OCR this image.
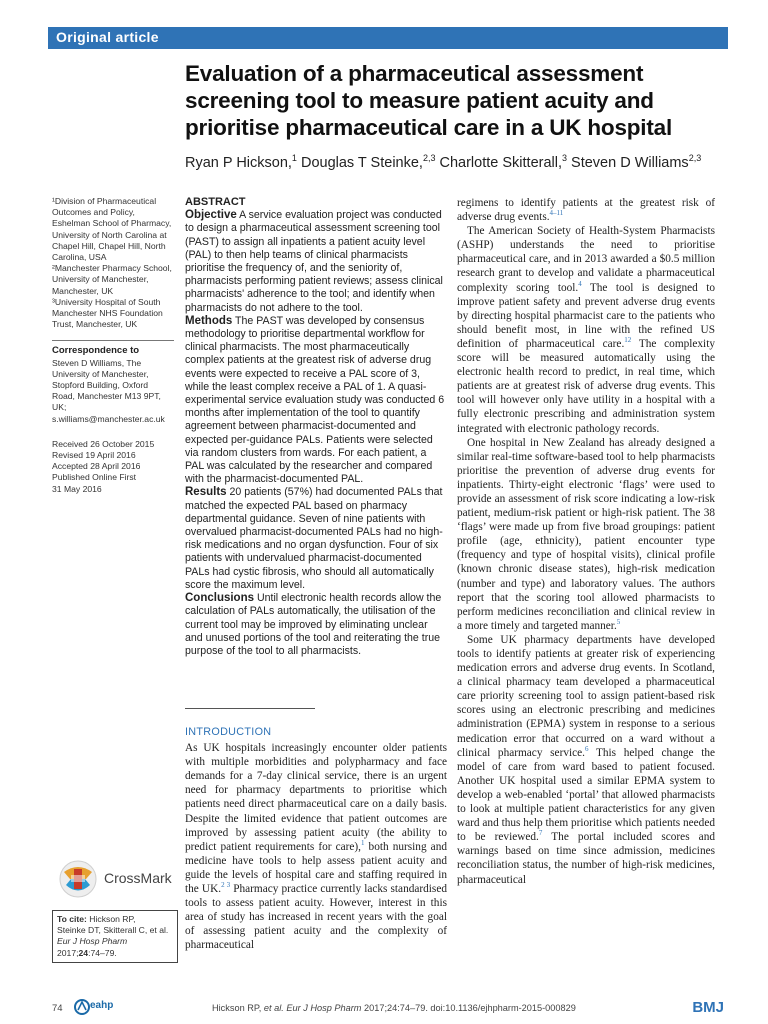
Original article
Evaluation of a pharmaceutical assessment screening tool to measure patient acuity and prioritise pharmaceutical care in a UK hospital
Ryan P Hickson,$^1$ Douglas T Steinke,$^{2,3}$ Charlotte Skitterall,$^3$ Steven D Williams$^{2,3}$

¹Division of Pharmaceutical
Outcomes and Policy,
Eshelman School of Pharmacy,
University of North Carolina at
Chapel Hill, Chapel Hill, North
Carolina, USA
²Manchester Pharmacy School,
University of Manchester,
Manchester, UK
³University Hospital of South
Manchester NHS Foundation
Trust, Manchester, UK

Correspondence to

Steven D Williams, The
University of Manchester,
Stopford Building, Oxford
Road, Manchester M13 9PT,
UK;
s.williams@manchester.ac.uk

Received 26 October 2015
Revised 19 April 2016
Accepted 28 April 2016
Published Online First
31 May 2016

CrossMark
To cite: Hickson RP,
Steinke DT, Skitterall C, et al.
Eur J Hosp Pharm
2017;24:74–79.
ABSTRACT

Objective A service evaluation project was conducted to design a pharmaceutical assessment screening tool (PAST) to assign all inpatients a patient acuity level (PAL) to then help teams of clinical pharmacists prioritise the frequency of, and the seniority of, pharmacists performing patient reviews; assess clinical pharmacists' adherence to the tool; and identify when pharmacists do not adhere to the tool.

Methods The PAST was developed by consensus methodology to prioritise departmental workflow for clinical pharmacists. The most pharmaceutically complex patients at the greatest risk of adverse drug events were expected to receive a PAL score of 3, while the least complex receive a PAL of 1. A quasi-experimental service evaluation study was conducted 6 months after implementation of the tool to quantify agreement between pharmacist-documented and expected per-guidance PALs. Patients were selected via random clusters from wards. For each patient, a PAL was calculated by the researcher and compared with the pharmacist-documented PAL.

Results 20 patients (57%) had documented PALs that matched the expected PAL based on pharmacy departmental guidance. Seven of nine patients with overvalued pharmacist-documented PALs had no high-risk medications and no organ dysfunction. Four of six patients with undervalued pharmacist-documented PALs had cystic fibrosis, who should all automatically score the maximum level.

Conclusions Until electronic health records allow the calculation of PALs automatically, the utilisation of the current tool may be improved by eliminating unclear and unused portions of the tool and reiterating the true purpose of the tool to all pharmacists.

INTRODUCTION

As UK hospitals increasingly encounter older patients with multiple morbidities and polypharmacy and face demands for a 7-day clinical service, there is an urgent need for pharmacy departments to prioritise which patients need direct pharmaceutical care on a daily basis. Despite the limited evidence that patient outcomes are improved by assessing patient acuity (the ability to predict patient requirements for care),$^1$ both nursing and medicine have tools to help assess patient acuity and guide the levels of hospital care and staffing required in the UK.$^{2 3}$ Pharmacy practice currently lacks standardised tools to assess patient acuity. However, interest in this area of study has increased in recent years with the goal of assessing patient acuity and the complexity of pharmaceutical

regimens to identify patients at the greatest risk of adverse drug events.$^{4-11}$

The American Society of Health-System Pharmacists (ASHP) understands the need to prioritise pharmaceutical care, and in 2013 awarded a $0.5 million research grant to develop and validate a pharmaceutical complexity scoring tool.$^4$ The tool is designed to improve patient safety and prevent adverse drug events by directing hospital pharmacist care to the patients who should benefit most, in line with the refined US definition of pharmaceutical care.$^{12}$ The complexity score will be measured automatically using the electronic health record to predict, in real time, which patients are at greatest risk of adverse drug events. This tool will however only have utility in a hospital with a fully electronic prescribing and administration system integrated with electronic pathology records.

One hospital in New Zealand has already designed a similar real-time software-based tool to help pharmacists prioritise the prevention of adverse drug events for inpatients. Thirty-eight electronic ‘flags’ were used to provide an assessment of risk score indicating a low-risk patient, medium-risk patient or high-risk patient. The 38 ‘flags’ were made up from five broad groupings: patient profile (age, ethnicity), patient encounter type (frequency and type of hospital visits), clinical profile (known chronic disease states), high-risk medication (number and type) and laboratory values. The authors report that the scoring tool allowed pharmacists to perform medicines reconciliation and clinical review in a more timely and targeted manner.$^5$

Some UK pharmacy departments have developed tools to identify patients at greater risk of experiencing medication errors and adverse drug events. In Scotland, a clinical pharmacy team developed a pharmaceutical care priority screening tool to assign patient-based risk scores using an electronic prescribing and medicines administration (EPMA) system in response to a serious medication error that occurred on a ward without a clinical pharmacy service.$^6$ This helped change the model of care from ward based to patient focused. Another UK hospital used a similar EPMA system to develop a web-enabled ‘portal’ that allowed pharmacists to look at multiple patient characteristics for any given ward and thus help them prioritise which patients needed to be reviewed.$^7$ The portal included scores and warnings based on time since admission, medicines reconciliation status, the number of high-risk medicines, pharmaceutical

74	eahp	Hickson RP, et al. Eur J Hosp Pharm 2017;24:74–79. doi:10.1136/ejhpharm-2015-000829	BMJ
